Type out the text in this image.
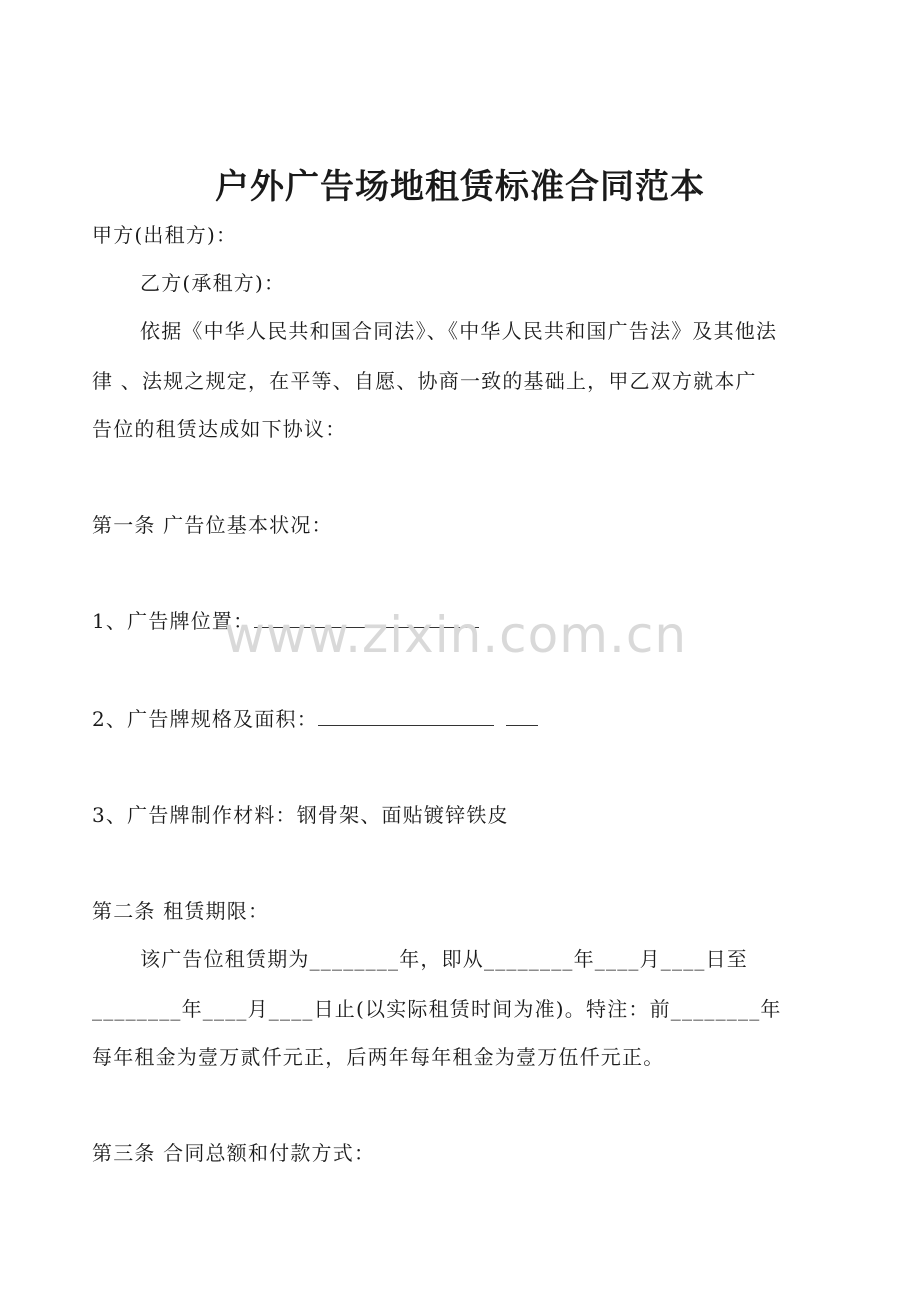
户外广告场地租赁标准合同范本
甲方(出租方)：
乙方(承租方)：
依据《中华人民共和国合同法》、《中华人民共和国广告法》及其他法
律 、法规之规定，在平等、自愿、协商一致的基础上，甲乙双方就本广
告位的租赁达成如下协议：
第一条 广告位基本状况：
1、广告牌位置：
2、广告牌规格及面积：
3、广告牌制作材料：钢骨架、面贴镀锌铁皮
第二条 租赁期限：
该广告位租赁期为________年，即从________年____月____日至
________年____月____日止(以实际租赁时间为准)。特注：前________年
每年租金为壹万贰仟元正，后两年每年租金为壹万伍仟元正。
第三条 合同总额和付款方式：
www.zixin.com.cn
